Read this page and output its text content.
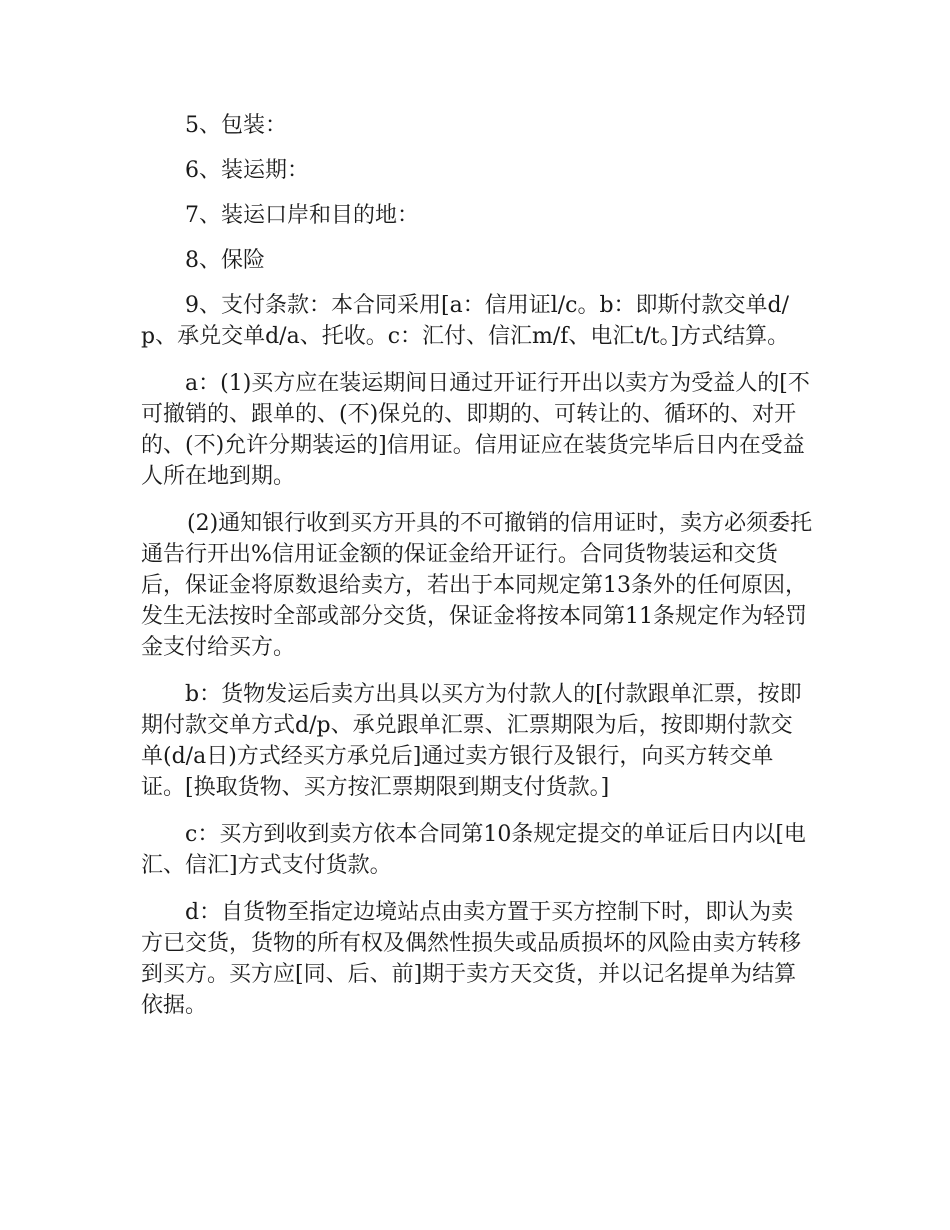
5、包装：

6、装运期：

7、装运口岸和目的地：

8、保险

9、支付条款：本合同采用[a：信用证l/c。b：即斯付款交单d/p、承兑交单d/a、托收。c：汇付、信汇m/f、电汇t/t。]方式结算。

a：(1)买方应在装运期间日通过开证行开出以卖方为受益人的[不可撤销的、跟单的、(不)保兑的、即期的、可转让的、循环的、对开的、(不)允许分期装运的]信用证。信用证应在装货完毕后日内在受益人所在地到期。

(2)通知银行收到买方开具的不可撤销的信用证时，卖方必须委托通告行开出%信用证金额的保证金给开证行。合同货物装运和交货后，保证金将原数退给卖方，若出于本同规定第13条外的任何原因，发生无法按时全部或部分交货，保证金将按本同第11条规定作为轻罚金支付给买方。

b：货物发运后卖方出具以买方为付款人的[付款跟单汇票，按即期付款交单方式d/p、承兑跟单汇票、汇票期限为后，按即期付款交单(d/a日)方式经买方承兑后]通过卖方银行及银行，向买方转交单证。[换取货物、买方按汇票期限到期支付货款。]

c：买方到收到卖方依本合同第10条规定提交的单证后日内以[电汇、信汇]方式支付货款。

d：自货物至指定边境站点由卖方置于买方控制下时，即认为卖方已交货，货物的所有权及偶然性损失或品质损坏的风险由卖方转移到买方。买方应[同、后、前]期于卖方天交货，并以记名提单为结算依据。
